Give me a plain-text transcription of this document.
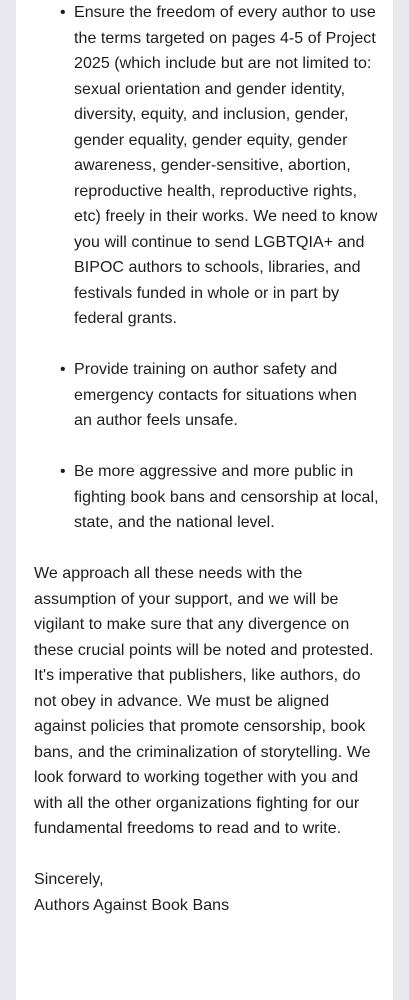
• Ensure the freedom of every author to use the terms targeted on pages 4-5 of Project 2025 (which include but are not limited to: sexual orientation and gender identity, diversity, equity, and inclusion, gender, gender equality, gender equity, gender awareness, gender-sensitive, abortion, reproductive health, reproductive rights, etc) freely in their works. We need to know you will continue to send LGBTQIA+ and BIPOC authors to schools, libraries, and festivals funded in whole or in part by federal grants.
• Provide training on author safety and emergency contacts for situations when an author feels unsafe.
• Be more aggressive and more public in fighting book bans and censorship at local, state, and the national level.

We approach all these needs with the assumption of your support, and we will be vigilant to make sure that any divergence on these crucial points will be noted and protested. It's imperative that publishers, like authors, do not obey in advance. We must be aligned against policies that promote censorship, book bans, and the criminalization of storytelling. We look forward to working together with you and with all the other organizations fighting for our fundamental freedoms to read and to write.

Sincerely,
Authors Against Book Bans
